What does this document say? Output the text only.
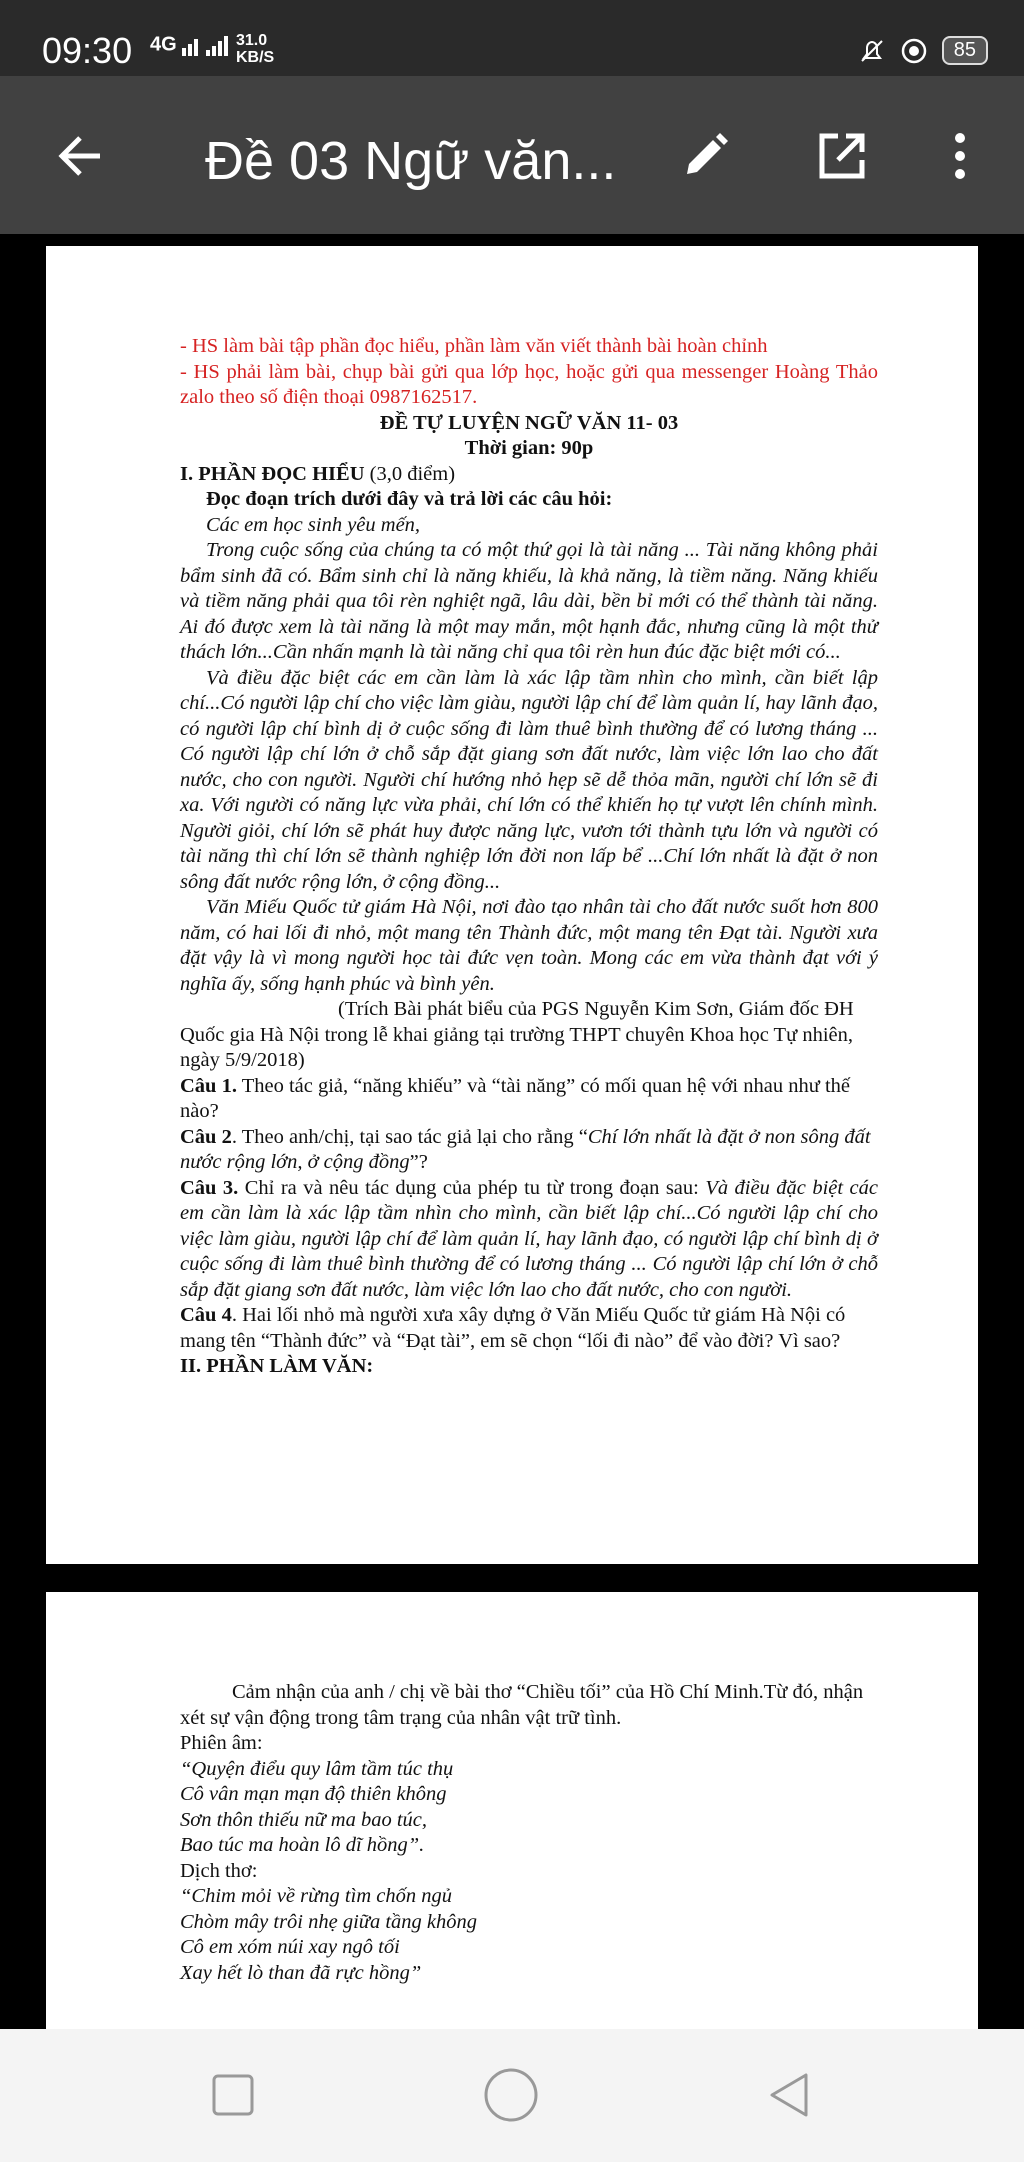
09:30 4G	31.0
KB/S	85
Đề 03 Ngữ văn...

- HS làm bài tập phần đọc hiểu, phần làm văn viết thành bài hoàn chỉnh

- HS phải làm bài, chụp bài gửi qua lớp học, hoặc gửi qua messenger Hoàng Thảo zalo theo số điện thoại 0987162517.

ĐỀ TỰ LUYỆN NGỮ VĂN 11- 03

Thời gian: 90p

I. PHẦN ĐỌC HIỂU (3,0 điểm)

Đọc đoạn trích dưới đây và trả lời các câu hỏi:

Các em học sinh yêu mến,

Trong cuộc sống của chúng ta có một thứ gọi là tài năng ... Tài năng không phải bẩm sinh đã có. Bẩm sinh chỉ là năng khiếu, là khả năng, là tiềm năng. Năng khiếu và tiềm năng phải qua tôi rèn nghiệt ngã, lâu dài, bền bỉ mới có thể thành tài năng. Ai đó được xem là tài năng là một may mắn, một hạnh đắc, nhưng cũng là một thử thách lớn...Cần nhấn mạnh là tài năng chỉ qua tôi rèn hun đúc đặc biệt mới có...

Và điều đặc biệt các em cần làm là xác lập tầm nhìn cho mình, cần biết lập chí...Có người lập chí cho việc làm giàu, người lập chí để làm quản lí, hay lãnh đạo, có người lập chí bình dị ở cuộc sống đi làm thuê bình thường để có lương tháng ... Có người lập chí lớn ở chỗ sắp đặt giang sơn đất nước, làm việc lớn lao cho đất nước, cho con người. Người chí hướng nhỏ hẹp sẽ dễ thỏa mãn, người chí lớn sẽ đi xa. Với người có năng lực vừa phải, chí lớn có thể khiến họ tự vượt lên chính mình. Người giỏi, chí lớn sẽ phát huy được năng lực, vươn tới thành tựu lớn và người có tài năng thì chí lớn sẽ thành nghiệp lớn đời non lấp bể ...Chí lớn nhất là đặt ở non sông đất nước rộng lớn, ở cộng đồng...

Văn Miếu Quốc tử giám Hà Nội, nơi đào tạo nhân tài cho đất nước suốt hơn 800 năm, có hai lối đi nhỏ, một mang tên Thành đức, một mang tên Đạt tài. Người xưa đặt vậy là vì mong người học tài đức vẹn toàn. Mong các em vừa thành đạt với ý nghĩa ấy, sống hạnh phúc và bình yên.

(Trích Bài phát biểu của PGS Nguyễn Kim Sơn, Giám đốc ĐH Quốc gia Hà Nội trong lễ khai giảng tại trường THPT chuyên Khoa học Tự nhiên, ngày 5/9/2018)

Câu 1. Theo tác giả, “năng khiếu” và “tài năng” có mối quan hệ với nhau như thế nào?

Câu 2. Theo anh/chị, tại sao tác giả lại cho rằng “Chí lớn nhất là đặt ở non sông đất nước rộng lớn, ở cộng đồng”?

Câu 3. Chỉ ra và nêu tác dụng của phép tu từ trong đoạn sau: Và điều đặc biệt các em cần làm là xác lập tầm nhìn cho mình, cần biết lập chí...Có người lập chí cho việc làm giàu, người lập chí để làm quản lí, hay lãnh đạo, có người lập chí bình dị ở cuộc sống đi làm thuê bình thường để có lương tháng ... Có người lập chí lớn ở chỗ sắp đặt giang sơn đất nước, làm việc lớn lao cho đất nước, cho con người.

Câu 4. Hai lối nhỏ mà người xưa xây dựng ở Văn Miếu Quốc tử giám Hà Nội có mang tên “Thành đức” và “Đạt tài”, em sẽ chọn “lối đi nào” để vào đời? Vì sao?

II. PHẦN LÀM VĂN:

Cảm nhận của anh / chị về bài thơ “Chiều tối” của Hồ Chí Minh.Từ đó, nhận xét sự vận động trong tâm trạng của nhân vật trữ tình.

Phiên âm:

“Quyện điểu quy lâm tầm túc thụ

Cô vân mạn mạn độ thiên không

Sơn thôn thiếu nữ ma bao túc,

Bao túc ma hoàn lô dĩ hồng”.

Dịch thơ:

“Chim mỏi về rừng tìm chốn ngủ

Chòm mây trôi nhẹ giữa tầng không

Cô em xóm núi xay ngô tối

Xay hết lò than đã rực hồng”
